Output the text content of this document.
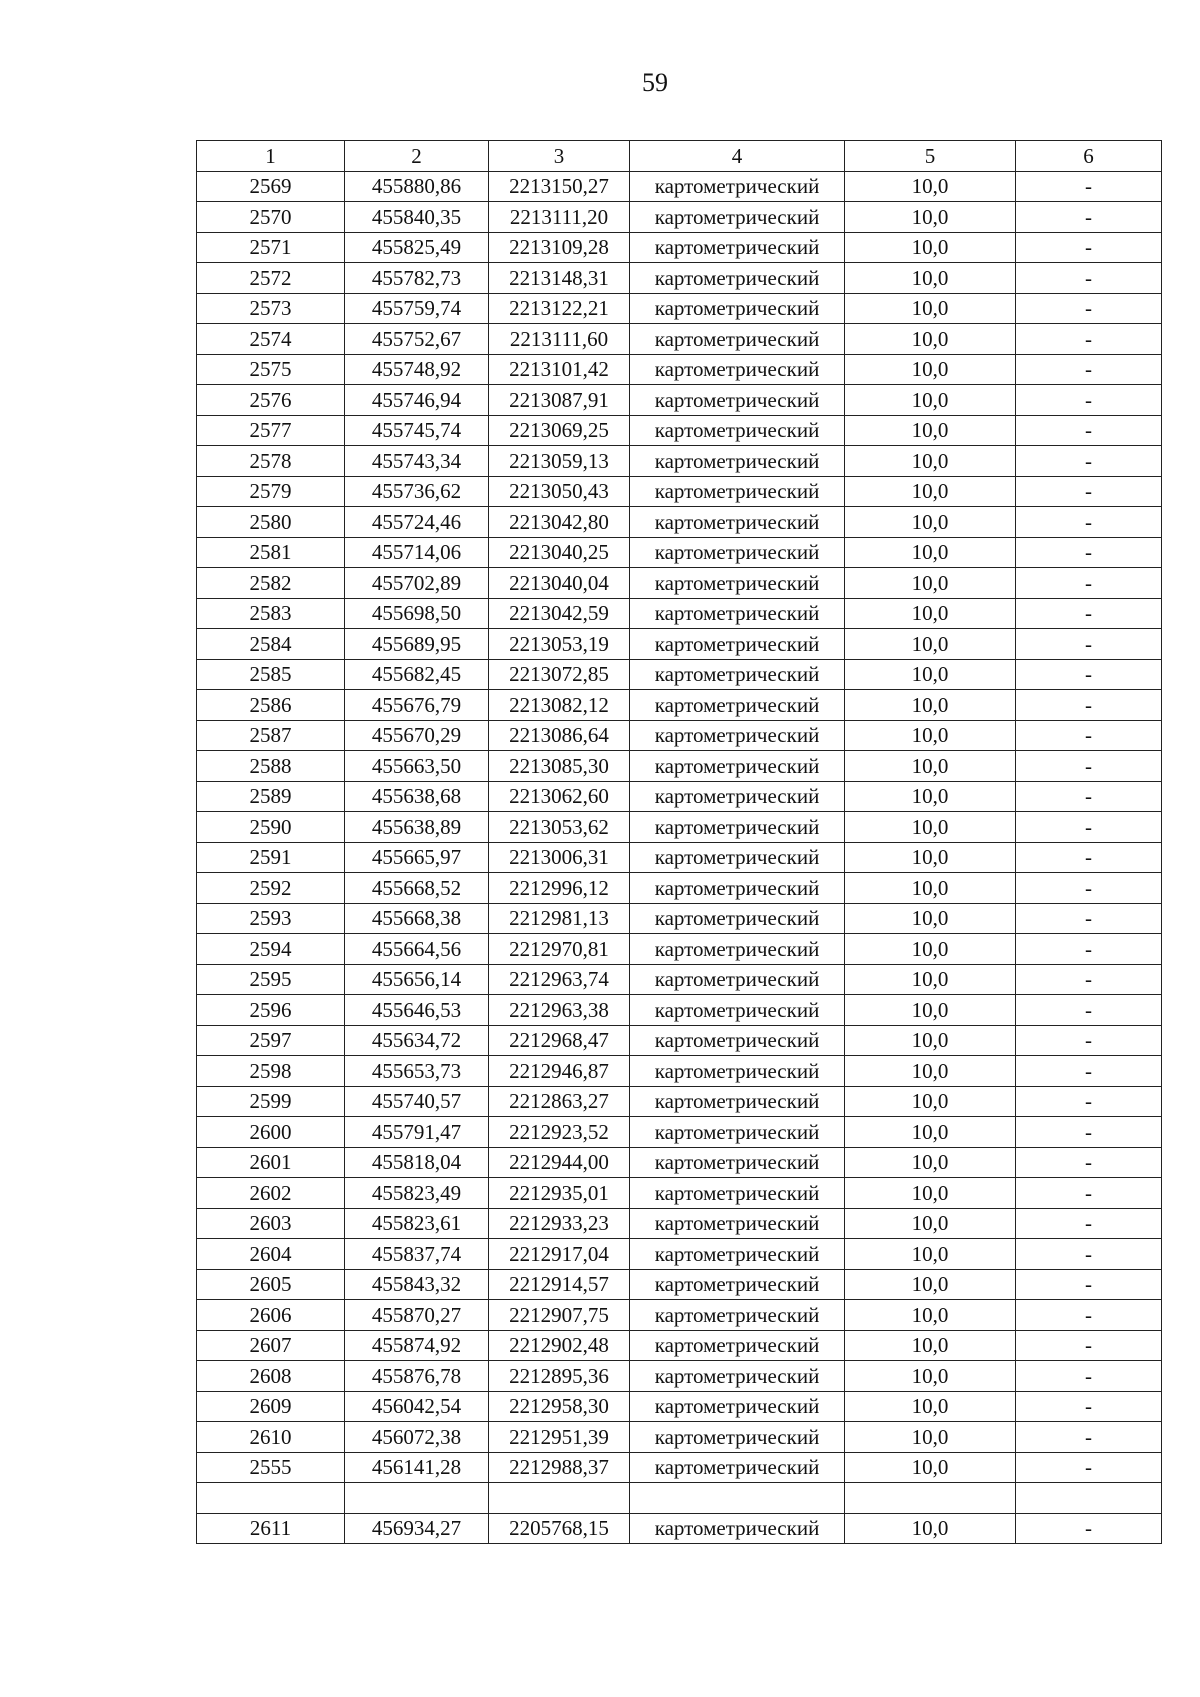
59
1	2	3	4	5	6
2569	455880,86	2213150,27	картометрический	10,0	-
2570	455840,35	2213111,20	картометрический	10,0	-
2571	455825,49	2213109,28	картометрический	10,0	-
2572	455782,73	2213148,31	картометрический	10,0	-
2573	455759,74	2213122,21	картометрический	10,0	-
2574	455752,67	2213111,60	картометрический	10,0	-
2575	455748,92	2213101,42	картометрический	10,0	-
2576	455746,94	2213087,91	картометрический	10,0	-
2577	455745,74	2213069,25	картометрический	10,0	-
2578	455743,34	2213059,13	картометрический	10,0	-
2579	455736,62	2213050,43	картометрический	10,0	-
2580	455724,46	2213042,80	картометрический	10,0	-
2581	455714,06	2213040,25	картометрический	10,0	-
2582	455702,89	2213040,04	картометрический	10,0	-
2583	455698,50	2213042,59	картометрический	10,0	-
2584	455689,95	2213053,19	картометрический	10,0	-
2585	455682,45	2213072,85	картометрический	10,0	-
2586	455676,79	2213082,12	картометрический	10,0	-
2587	455670,29	2213086,64	картометрический	10,0	-
2588	455663,50	2213085,30	картометрический	10,0	-
2589	455638,68	2213062,60	картометрический	10,0	-
2590	455638,89	2213053,62	картометрический	10,0	-
2591	455665,97	2213006,31	картометрический	10,0	-
2592	455668,52	2212996,12	картометрический	10,0	-
2593	455668,38	2212981,13	картометрический	10,0	-
2594	455664,56	2212970,81	картометрический	10,0	-
2595	455656,14	2212963,74	картометрический	10,0	-
2596	455646,53	2212963,38	картометрический	10,0	-
2597	455634,72	2212968,47	картометрический	10,0	-
2598	455653,73	2212946,87	картометрический	10,0	-
2599	455740,57	2212863,27	картометрический	10,0	-
2600	455791,47	2212923,52	картометрический	10,0	-
2601	455818,04	2212944,00	картометрический	10,0	-
2602	455823,49	2212935,01	картометрический	10,0	-
2603	455823,61	2212933,23	картометрический	10,0	-
2604	455837,74	2212917,04	картометрический	10,0	-
2605	455843,32	2212914,57	картометрический	10,0	-
2606	455870,27	2212907,75	картометрический	10,0	-
2607	455874,92	2212902,48	картометрический	10,0	-
2608	455876,78	2212895,36	картометрический	10,0	-
2609	456042,54	2212958,30	картометрический	10,0	-
2610	456072,38	2212951,39	картометрический	10,0	-
2555	456141,28	2212988,37	картометрический	10,0	-

2611	456934,27	2205768,15	картометрический	10,0	-
